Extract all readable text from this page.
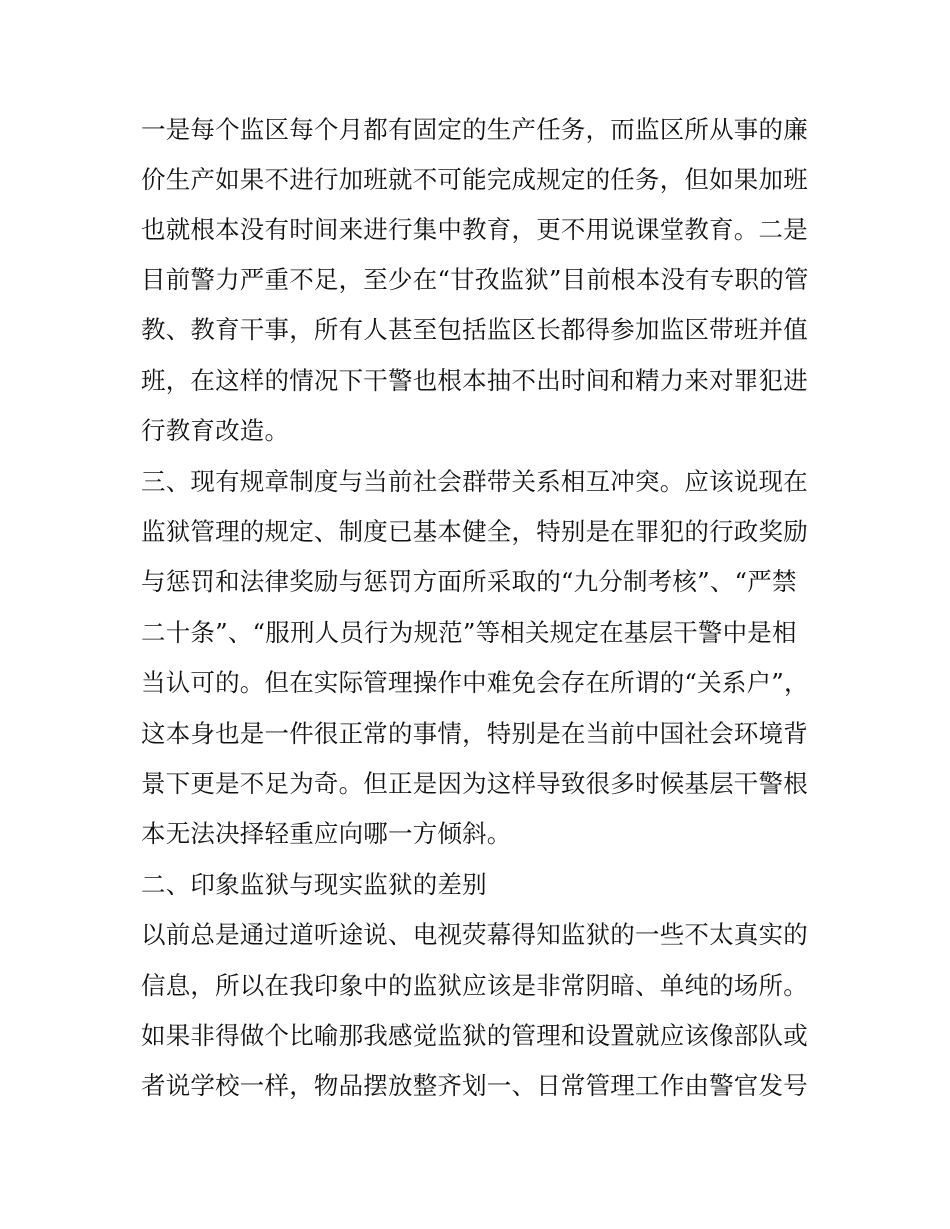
一是每个监区每个月都有固定的生产任务，而监区所从事的廉
价生产如果不进行加班就不可能完成规定的任务，但如果加班
也就根本没有时间来进行集中教育，更不用说课堂教育。二是
目前警力严重不足，至少在“甘孜监狱”目前根本没有专职的管
教、教育干事，所有人甚至包括监区长都得参加监区带班并值
班，在这样的情况下干警也根本抽不出时间和精力来对罪犯进
行教育改造。
三、现有规章制度与当前社会群带关系相互冲突。应该说现在
监狱管理的规定、制度已基本健全，特别是在罪犯的行政奖励
与惩罚和法律奖励与惩罚方面所采取的“九分制考核”、“严禁
二十条”、“服刑人员行为规范”等相关规定在基层干警中是相
当认可的。但在实际管理操作中难免会存在所谓的“关系户”，
这本身也是一件很正常的事情，特别是在当前中国社会环境背
景下更是不足为奇。但正是因为这样导致很多时候基层干警根
本无法决择轻重应向哪一方倾斜。
二、印象监狱与现实监狱的差别
以前总是通过道听途说、电视荧幕得知监狱的一些不太真实的
信息，所以在我印象中的监狱应该是非常阴暗、单纯的场所。
如果非得做个比喻那我感觉监狱的管理和设置就应该像部队或
者说学校一样，物品摆放整齐划一、日常管理工作由警官发号
